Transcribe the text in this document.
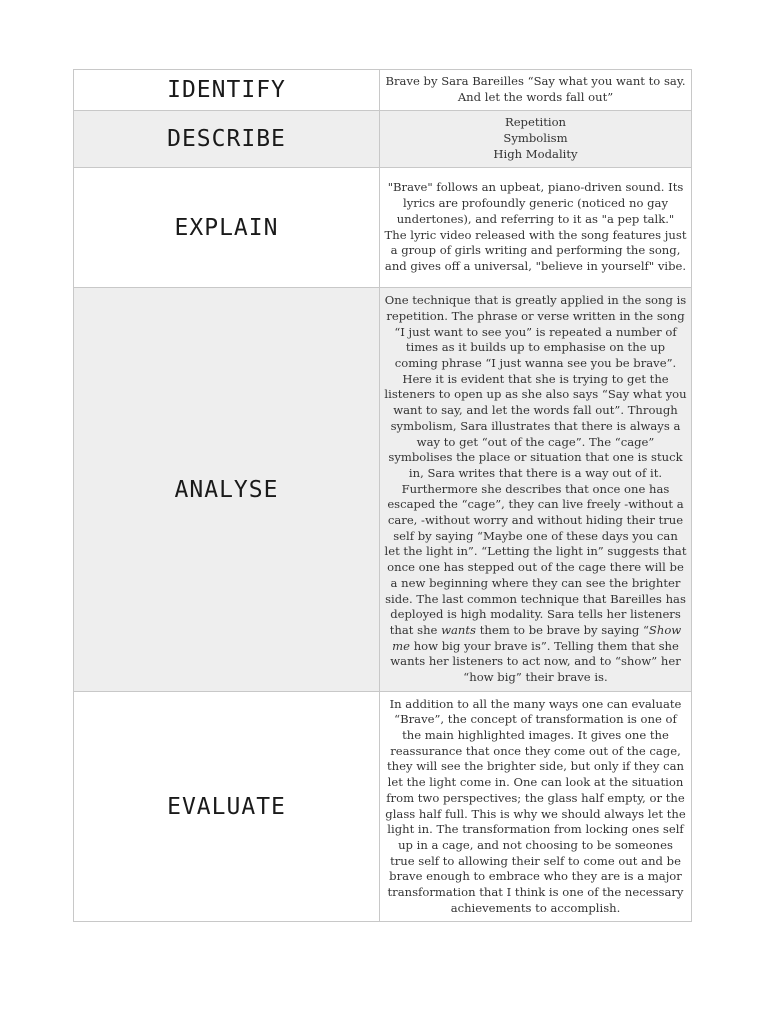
IDENTIFY	Brave by Sara Bareilles “Say what you want to say. And let the words fall out”
DESCRIBE	Repetition
Symbolism
High Modality

EXPLAIN	"Brave" follows an upbeat, piano-driven sound. Its lyrics are profoundly generic (noticed no gay undertones), and referring to it as "a pep talk." The lyric video released with the song features just a group of girls writing and performing the song, and gives off a universal, "believe in yourself" vibe.
ANALYSE	One technique that is greatly applied in the song is repetition. The phrase or verse written in the song “I just want to see you” is repeated a number of times as it builds up to emphasise on the up coming phrase “I just wanna see you be brave”. Here it is evident that she is trying to get the listeners to open up as she also says “Say what you want to say, and let the words fall out”. Through symbolism, Sara illustrates that there is always a way to get “out of the cage”. The “cage” symbolises the place or situation that one is stuck in, Sara writes that there is a way out of it. Furthermore she describes that once one has escaped the “cage”, they can live freely -without a care, -without worry and without hiding their true self by saying “Maybe one of these days you can let the light in”. “Letting the light in” suggests that once one has stepped out of the cage there will be a new beginning where they can see the brighter side. The last common technique that Bareilles has deployed is high modality. Sara tells her listeners that she wants them to be brave by saying “Show me how big your brave is”. Telling them that she wants her listeners to act now, and to “show” her “how big” their brave is.
EVALUATE	In addition to all the many ways one can evaluate “Brave”, the concept of transformation is one of the main highlighted images. It gives one the reassurance that once they come out of the cage, they will see the brighter side, but only if they can let the light come in. One can look at the situation from two perspectives; the glass half empty, or the glass half full. This is why we should always let the light in. The transformation from locking ones self up in a cage, and not choosing to be someones true self to allowing their self to come out and be brave enough to embrace who they are is a major transformation that I think is one of the necessary achievements to accomplish.
